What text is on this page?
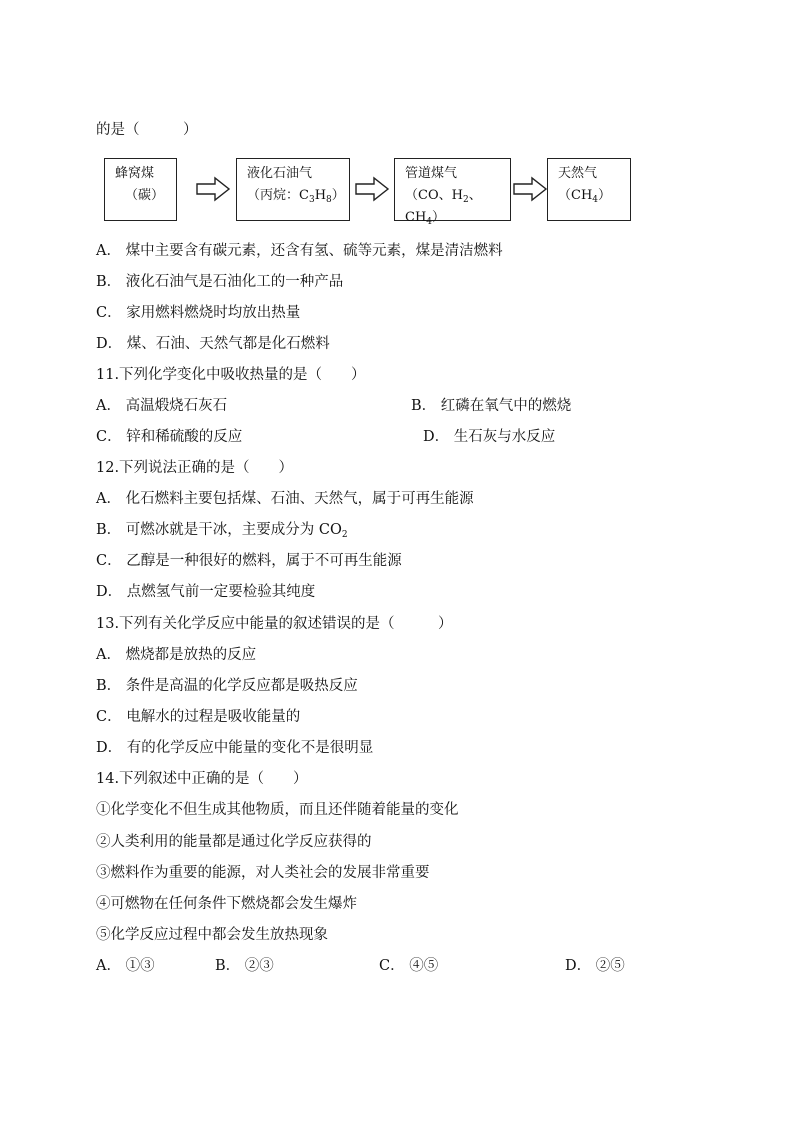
的是（　　　）
蜂窝煤
（碳）
液化石油气
（丙烷：$C_3H_8$）
管道煤气
（CO、$H_2$、$CH_4$）
天然气
$(CH_4)$
A． 煤中主要含有碳元素，还含有氢、硫等元素，煤是清洁燃料
B． 液化石油气是石油化工的一种产品
C． 家用燃料燃烧时均放出热量
D． 煤、石油、天然气都是化石燃料
11.下列化学变化中吸收热量的是（　　）
A． 高温煅烧石灰石	B． 红磷在氧气中的燃烧
C． 锌和稀硫酸的反应	D． 生石灰与水反应
12.下列说法正确的是（　　）
A． 化石燃料主要包括煤、石油、天然气，属于可再生能源
B． 可燃冰就是干冰，主要成分为 $CO_2$
C． 乙醇是一种很好的燃料，属于不可再生能源
D． 点燃氢气前一定要检验其纯度
13.下列有关化学反应中能量的叙述错误的是（　　　）
A． 燃烧都是放热的反应
B． 条件是高温的化学反应都是吸热反应
C． 电解水的过程是吸收能量的
D． 有的化学反应中能量的变化不是很明显
14.下列叙述中正确的是（　　）
①化学变化不但生成其他物质，而且还伴随着能量的变化
②人类利用的能量都是通过化学反应获得的
③燃料作为重要的能源，对人类社会的发展非常重要
④可燃物在任何条件下燃烧都会发生爆炸
⑤化学反应过程中都会发生放热现象
A． ①③	B． ②③	C． ④⑤	D． ②⑤
